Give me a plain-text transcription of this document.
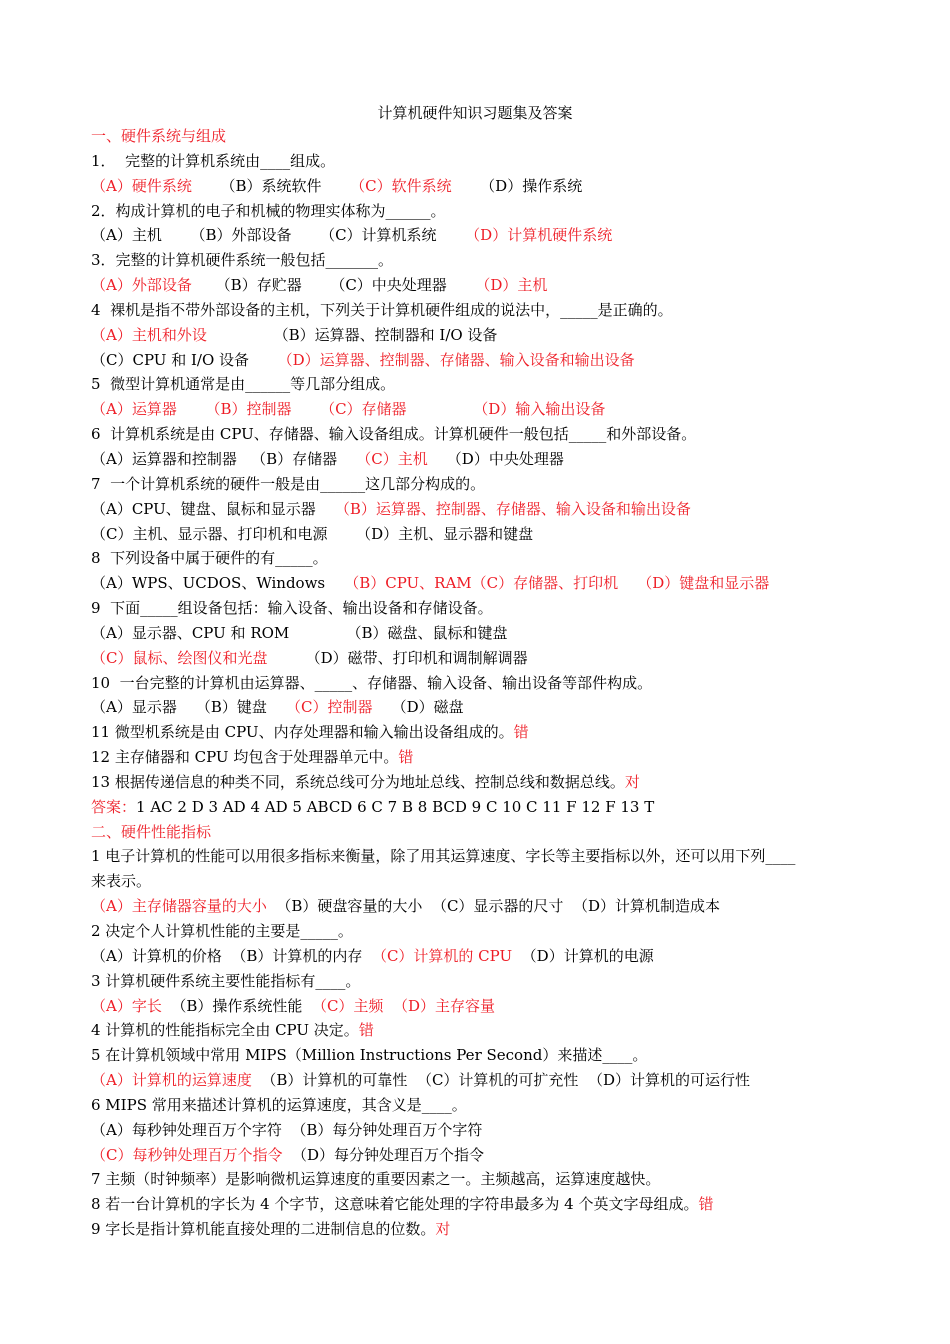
计算机硬件知识习题集及答案
一、硬件系统与组成
1．  完整的计算机系统由____组成。
（A）硬件系统      （B）系统软件      （C）软件系统      （D）操作系统
2．构成计算机的电子和机械的物理实体称为______。
（A）主机      （B）外部设备      （C）计算机系统      （D）计算机硬件系统
3．完整的计算机硬件系统一般包括_______。
（A）外部设备     （B）存贮器      （C）中央处理器      （D）主机
4  裸机是指不带外部设备的主机，下列关于计算机硬件组成的说法中，_____是正确的。
（A）主机和外设              （B）运算器、控制器和 I/O 设备
（C）CPU 和 I/O 设备      （D）运算器、控制器、存储器、输入设备和输出设备
5  微型计算机通常是由______等几部分组成。
（A）运算器      （B）控制器      （C）存储器              （D）输入输出设备
6  计算机系统是由 CPU、存储器、输入设备组成。计算机硬件一般包括_____和外部设备。
（A）运算器和控制器   （B）存储器    （C）主机    （D）中央处理器
7  一个计算机系统的硬件一般是由______这几部分构成的。
（A）CPU、键盘、鼠标和显示器    （B）运算器、控制器、存储器、输入设备和输出设备
（C）主机、显示器、打印机和电源      （D）主机、显示器和键盘
8  下列设备中属于硬件的有_____。
（A）WPS、UCDOS、Windows    （B）CPU、RAM（C）存储器、打印机    （D）键盘和显示器
9  下面_____组设备包括：输入设备、输出设备和存储设备。
（A）显示器、CPU 和 ROM            （B）磁盘、鼠标和键盘
（C）鼠标、绘图仪和光盘        （D）磁带、打印机和调制解调器
10  一台完整的计算机由运算器、_____、存储器、输入设备、输出设备等部件构成。
（A）显示器    （B）键盘    （C）控制器    （D）磁盘
11 微型机系统是由 CPU、内存处理器和输入输出设备组成的。错
12 主存储器和 CPU 均包含于处理器单元中。错
13 根据传递信息的种类不同，系统总线可分为地址总线、控制总线和数据总线。对
答案：1 AC 2 D 3 AD 4 AD 5 ABCD 6 C 7 B 8 BCD 9 C 10 C 11 F 12 F 13 T
二、硬件性能指标
1 电子计算机的性能可以用很多指标来衡量，除了用其运算速度、字长等主要指标以外，还可以用下列____
来表示。
（A）主存储器容量的大小  （B）硬盘容量的大小  （C）显示器的尺寸  （D）计算机制造成本
2 决定个人计算机性能的主要是_____。
（A）计算机的价格  （B）计算机的内存  （C）计算机的 CPU  （D）计算机的电源
3 计算机硬件系统主要性能指标有____。
（A）字长  （B）操作系统性能  （C）主频  （D）主存容量
4 计算机的性能指标完全由 CPU 决定。错
5 在计算机领域中常用 MIPS（Million Instructions Per Second）来描述____。
（A）计算机的运算速度  （B）计算机的可靠性  （C）计算机的可扩充性  （D）计算机的可运行性
6 MIPS 常用来描述计算机的运算速度，其含义是____。
（A）每秒钟处理百万个字符  （B）每分钟处理百万个字符
（C）每秒钟处理百万个指令  （D）每分钟处理百万个指令
7 主频（时钟频率）是影响微机运算速度的重要因素之一。主频越高，运算速度越快。
8 若一台计算机的字长为 4 个字节，这意味着它能处理的字符串最多为 4 个英文字母组成。错
9 字长是指计算机能直接处理的二进制信息的位数。对
